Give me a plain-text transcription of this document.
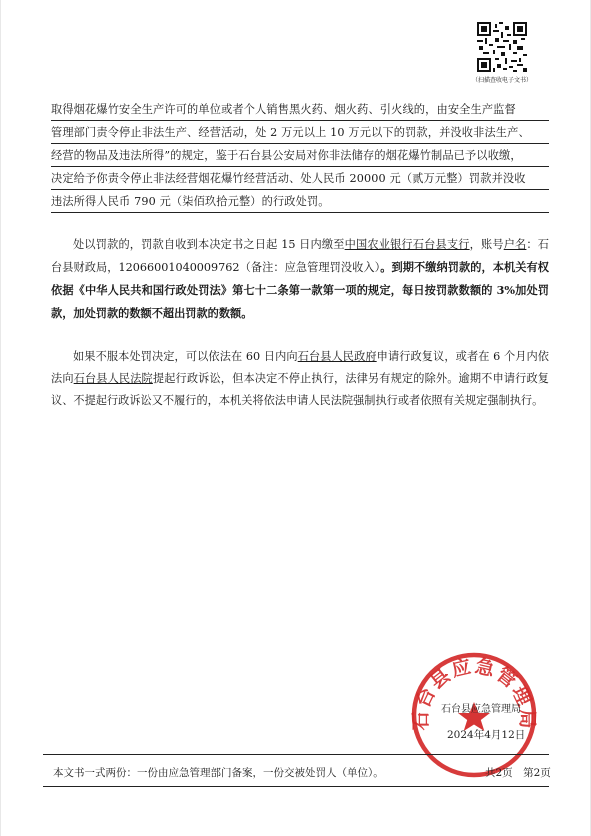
（扫描查收电子文书）
取得烟花爆竹安全生产许可的单位或者个人销售黑火药、烟火药、引火线的，由安全生产监督
管理部门责令停止非法生产、经营活动，处 2 万元以上 10 万元以下的罚款，并没收非法生产、
经营的物品及违法所得”的规定，鉴于石台县公安局对你非法储存的烟花爆竹制品已予以收缴，
决定给予你责令停止非法经营烟花爆竹经营活动、处人民币 20000 元（贰万元整）罚款并没收
违法所得人民币 790 元（柒佰玖拾元整）的行政处罚。
处以罚款的，罚款自收到本决定书之日起 15 日内缴至中国农业银行石台县支行，账号户名：石台县财政局，12066001040009762（备注：应急管理罚没收入）。到期不缴纳罚款的，本机关有权依据《中华人民共和国行政处罚法》第七十二条第一款第一项的规定，每日按罚款数额的 3%加处罚款，加处罚款的数额不超出罚款的数额。
如果不服本处罚决定，可以依法在 60 日内向石台县人民政府申请行政复议，或者在 6 个月内依法向石台县人民法院提起行政诉讼，但本决定不停止执行，法律另有规定的除外。逾期不申请行政复议、不提起行政诉讼又不履行的，本机关将依法申请人民法院强制执行或者依照有关规定强制执行。
石台县应急管理局
石台县应急管理局
2024年4月12日
本文书一式两份：一份由应急管理部门备案，一份交被处罚人（单位）。	共2页　第2页
